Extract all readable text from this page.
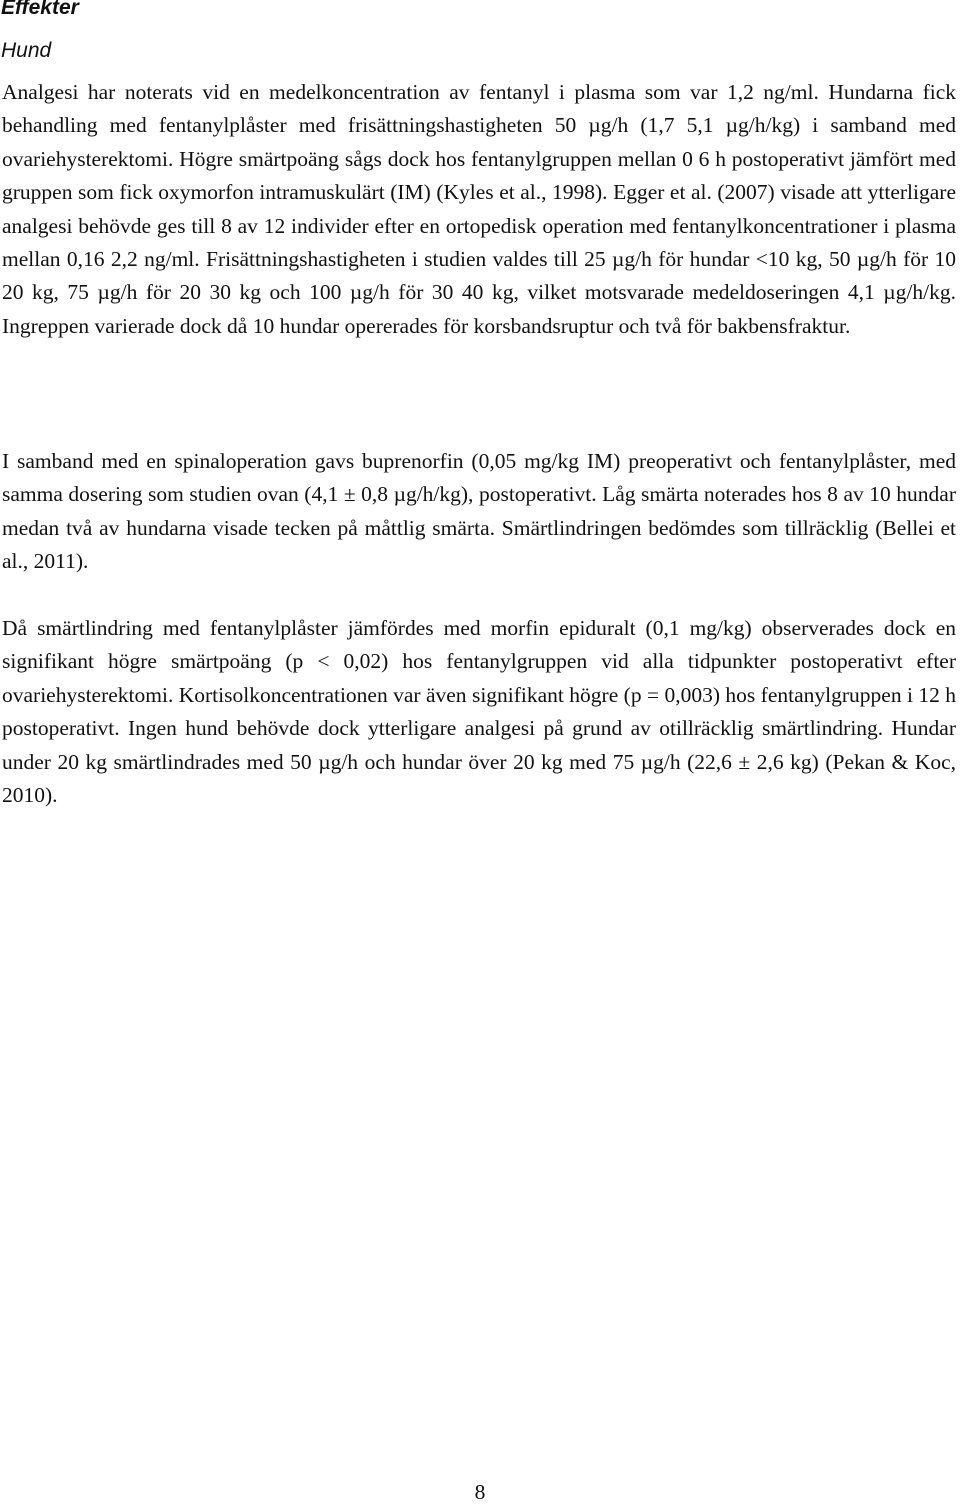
Effekter
Hund

Analgesi har noterats vid en medelkoncentration av fentanyl i plasma som var 1,2 ng/ml. Hundarna fick behandling med fentanylplåster med frisättningshastigheten 50 µg/h (1,7 5,1 µg/h/kg) i samband med ovariehysterektomi. Högre smärtpoäng sågs dock hos fentanylgruppen mellan 0 6 h postoperativt jämfört med gruppen som fick oxymorfon intramuskulärt (IM) (Kyles et al., 1998). Egger et al. (2007) visade att ytterligare analgesi behövde ges till 8 av 12 individer efter en ortopedisk operation med fentanylkoncentrationer i plasma mellan 0,16 2,2 ng/ml. Frisättningshastigheten i studien valdes till 25 µg/h för hundar <10 kg, 50 µg/h för 10 20 kg, 75 µg/h för 20 30 kg och 100 µg/h för 30 40 kg, vilket motsvarade medeldoseringen 4,1 µg/h/kg. Ingreppen varierade dock då 10 hundar opererades för korsbandsruptur och två för bakbensfraktur.

I samband med en spinaloperation gavs buprenorfin (0,05 mg/kg IM) preoperativt och fentanylplåster, med samma dosering som studien ovan (4,1 ± 0,8 µg/h/kg), postoperativt. Låg smärta noterades hos 8 av 10 hundar medan två av hundarna visade tecken på måttlig smärta. Smärtlindringen bedömdes som tillräcklig (Bellei et al., 2011).

Då smärtlindring med fentanylplåster jämfördes med morfin epiduralt (0,1 mg/kg) observerades dock en signifikant högre smärtpoäng (p < 0,02) hos fentanylgruppen vid alla tidpunkter postoperativt efter ovariehysterektomi. Kortisolkoncentrationen var även signifikant högre (p = 0,003) hos fentanylgruppen i 12 h postoperativt. Ingen hund behövde dock ytterligare analgesi på grund av otillräcklig smärtlindring. Hundar under 20 kg smärtlindrades med 50 µg/h och hundar över 20 kg med 75 µg/h (22,6 ± 2,6 kg) (Pekan & Koc, 2010).

8
